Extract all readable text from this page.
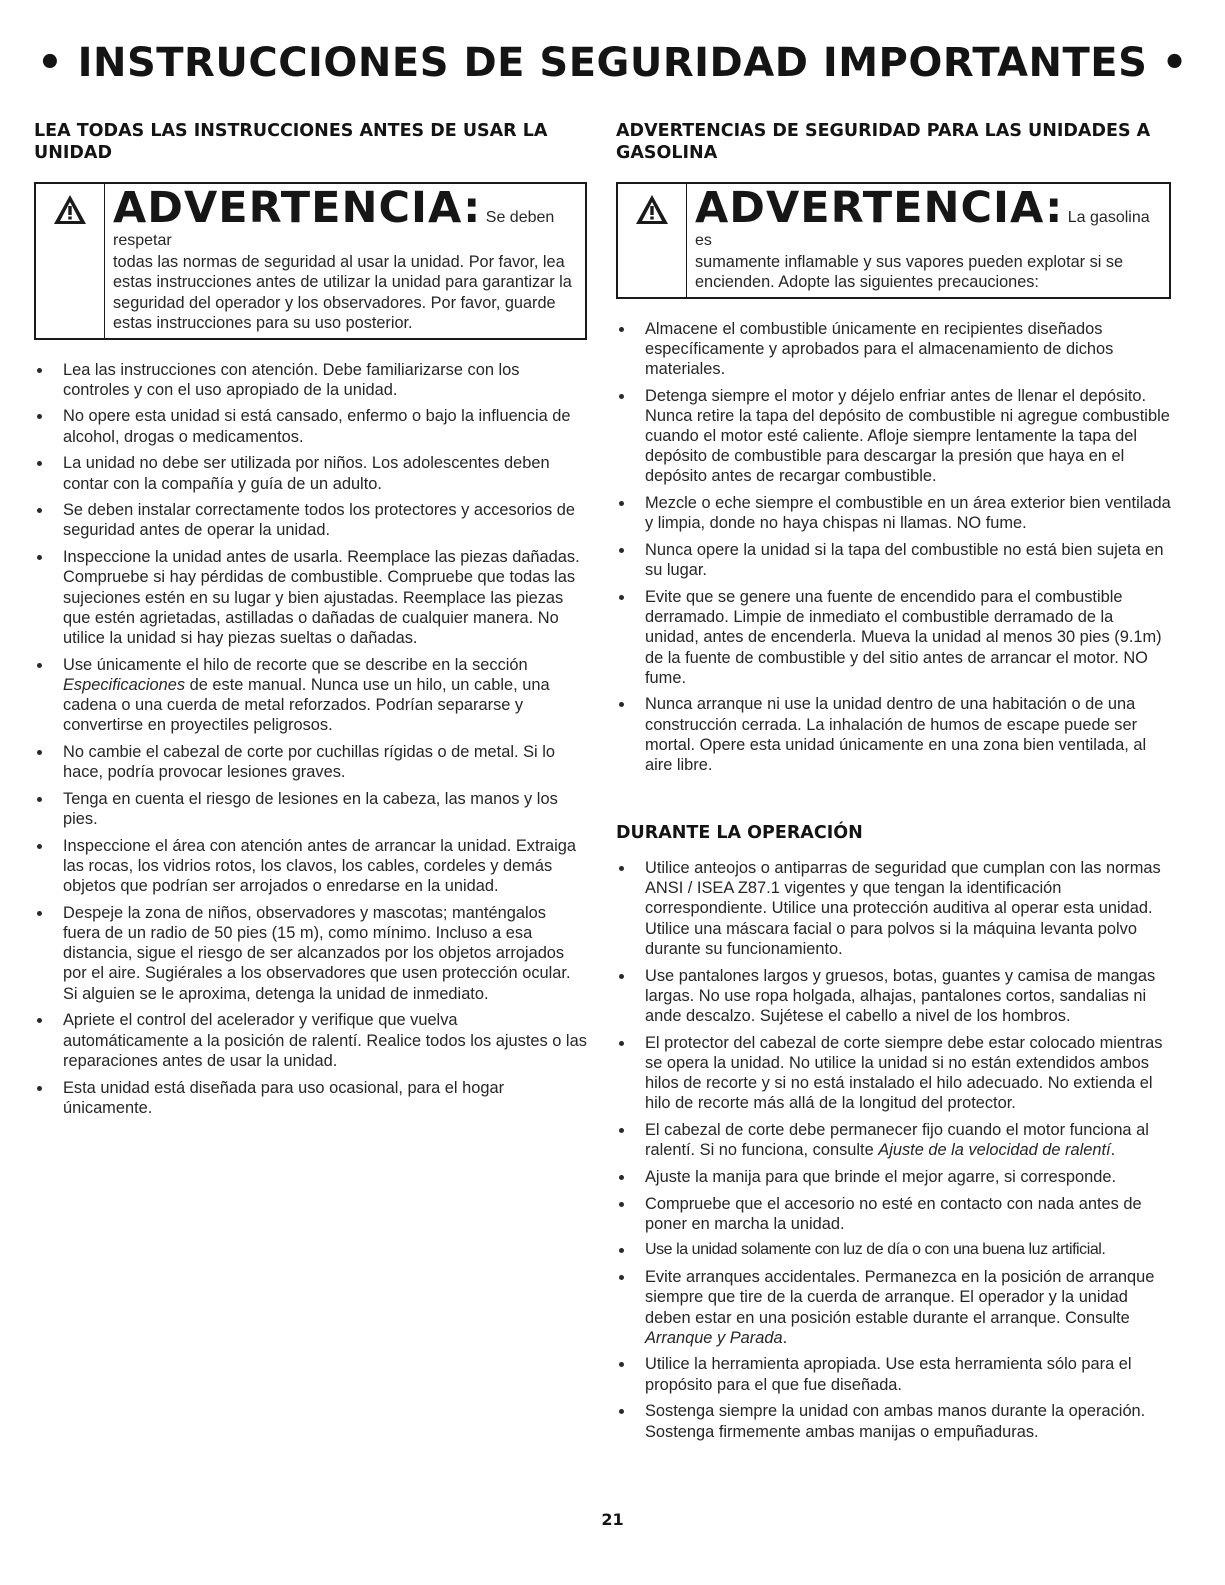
• INSTRUCCIONES DE SEGURIDAD IMPORTANTES •
LEA TODAS LAS INSTRUCCIONES ANTES DE USAR LA UNIDAD
ADVERTENCIA: Se deben respetar
todas las normas de seguridad al usar la unidad. Por favor, lea estas instrucciones antes de utilizar la unidad para garantizar la seguridad del operador y los observadores. Por favor, guarde estas instrucciones para su uso posterior.
Lea las instrucciones con atención. Debe familiarizarse con los controles y con el uso apropiado de la unidad.
No opere esta unidad si está cansado, enfermo o bajo la influencia de alcohol, drogas o medicamentos.
La unidad no debe ser utilizada por niños. Los adolescentes deben contar con la compañía y guía de un adulto.
Se deben instalar correctamente todos los protectores y accesorios de seguridad antes de operar la unidad.
Inspeccione la unidad antes de usarla. Reemplace las piezas dañadas. Compruebe si hay pérdidas de combustible. Compruebe que todas las sujeciones estén en su lugar y bien ajustadas. Reemplace las piezas que estén agrietadas, astilladas o dañadas de cualquier manera. No utilice la unidad si hay piezas sueltas o dañadas.
Use únicamente el hilo de recorte que se describe en la sección Especificaciones de este manual. Nunca use un hilo, un cable, una cadena o una cuerda de metal reforzados. Podrían separarse y convertirse en proyectiles peligrosos.
No cambie el cabezal de corte por cuchillas rígidas o de metal. Si lo hace, podría provocar lesiones graves.
Tenga en cuenta el riesgo de lesiones en la cabeza, las manos y los pies.
Inspeccione el área con atención antes de arrancar la unidad. Extraiga las rocas, los vidrios rotos, los clavos, los cables, cordeles y demás objetos que podrían ser arrojados o enredarse en la unidad.
Despeje la zona de niños, observadores y mascotas; manténgalos fuera de un radio de 50 pies (15 m), como mínimo. Incluso a esa distancia, sigue el riesgo de ser alcanzados por los objetos arrojados por el aire. Sugiérales a los observadores que usen protección ocular. Si alguien se le aproxima, detenga la unidad de inmediato.
Apriete el control del acelerador y verifique que vuelva automáticamente a la posición de ralentí. Realice todos los ajustes o las reparaciones antes de usar la unidad.
Esta unidad está diseñada para uso ocasional, para el hogar únicamente.
ADVERTENCIAS DE SEGURIDAD PARA LAS UNIDADES A GASOLINA
ADVERTENCIA: La gasolina es
sumamente inflamable y sus vapores pueden explotar si se encienden. Adopte las siguientes precauciones:
Almacene el combustible únicamente en recipientes diseñados específicamente y aprobados para el almacenamiento de dichos materiales.
Detenga siempre el motor y déjelo enfriar antes de llenar el depósito. Nunca retire la tapa del depósito de combustible ni agregue combustible cuando el motor esté caliente. Afloje siempre lentamente la tapa del depósito de combustible para descargar la presión que haya en el depósito antes de recargar combustible.
Mezcle o eche siempre el combustible en un área exterior bien ventilada y limpia, donde no haya chispas ni llamas. NO fume.
Nunca opere la unidad si la tapa del combustible no está bien sujeta en su lugar.
Evite que se genere una fuente de encendido para el combustible derramado. Limpie de inmediato el combustible derramado de la unidad, antes de encenderla. Mueva la unidad al menos 30 pies (9.1m) de la fuente de combustible y del sitio antes de arrancar el motor. NO fume.
Nunca arranque ni use la unidad dentro de una habitación o de una construcción cerrada. La inhalación de humos de escape puede ser mortal. Opere esta unidad únicamente en una zona bien ventilada, al aire libre.
DURANTE LA OPERACIÓN
Utilice anteojos o antiparras de seguridad que cumplan con las normas ANSI / ISEA Z87.1 vigentes y que tengan la identificación correspondiente. Utilice una protección auditiva al operar esta unidad. Utilice una máscara facial o para polvos si la máquina levanta polvo durante su funcionamiento.
Use pantalones largos y gruesos, botas, guantes y camisa de mangas largas. No use ropa holgada, alhajas, pantalones cortos, sandalias ni ande descalzo. Sujétese el cabello a nivel de los hombros.
El protector del cabezal de corte siempre debe estar colocado mientras se opera la unidad. No utilice la unidad si no están extendidos ambos hilos de recorte y si no está instalado el hilo adecuado. No extienda el hilo de recorte más allá de la longitud del protector.
El cabezal de corte debe permanecer fijo cuando el motor funciona al ralentí. Si no funciona, consulte Ajuste de la velocidad de ralentí.
Ajuste la manija para que brinde el mejor agarre, si corresponde.
Compruebe que el accesorio no esté en contacto con nada antes de poner en marcha la unidad.
Use la unidad solamente con luz de día o con una buena luz artificial.
Evite arranques accidentales. Permanezca en la posición de arranque siempre que tire de la cuerda de arranque. El operador y la unidad deben estar en una posición estable durante el arranque. Consulte Arranque y Parada.
Utilice la herramienta apropiada. Use esta herramienta sólo para el propósito para el que fue diseñada.
Sostenga siempre la unidad con ambas manos durante la operación. Sostenga firmemente ambas manijas o empuñaduras.
21
